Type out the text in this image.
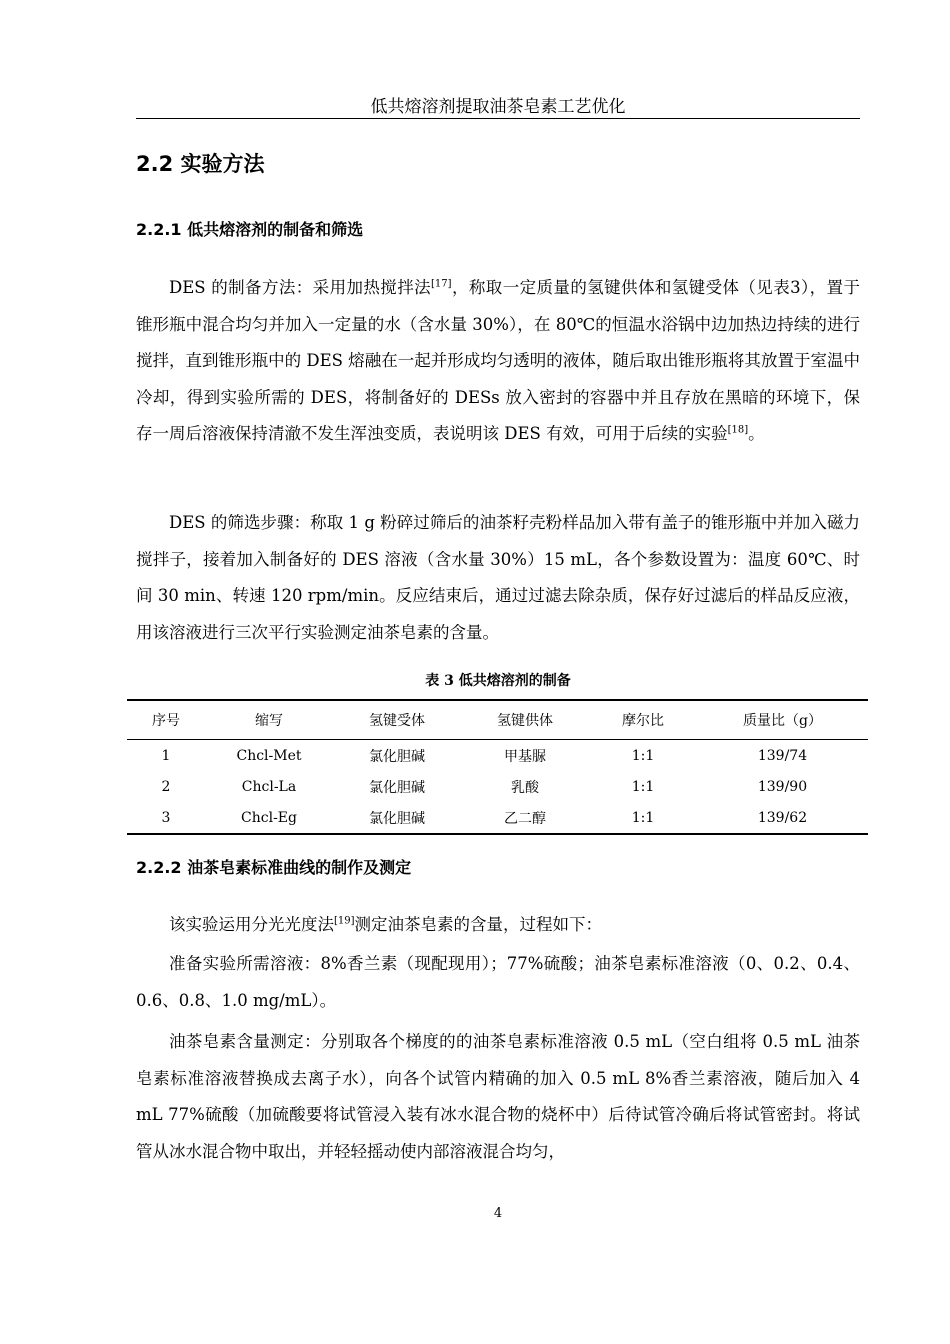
低共熔溶剂提取油茶皂素工艺优化
2.2 实验方法
2.2.1 低共熔溶剂的制备和筛选

DES 的制备方法：采用加热搅拌法[17]，称取一定质量的氢键供体和氢键受体（见表3），置于锥形瓶中混合均匀并加入一定量的水（含水量 30%），在 80℃的恒温水浴锅中边加热边持续的进行搅拌，直到锥形瓶中的 DES 熔融在一起并形成均匀透明的液体，随后取出锥形瓶将其放置于室温中冷却，得到实验所需的 DES，将制备好的 DESs 放入密封的容器中并且存放在黑暗的环境下，保存一周后溶液保持清澈不发生浑浊变质，表说明该 DES 有效，可用于后续的实验[18]。

DES 的筛选步骤：称取 1 g 粉碎过筛后的油茶籽壳粉样品加入带有盖子的锥形瓶中并加入磁力搅拌子，接着加入制备好的 DES 溶液（含水量 30%）15 mL，各个参数设置为：温度 60℃、时间 30 min、转速 120 rpm/min。反应结束后，通过过滤去除杂质，保存好过滤后的样品反应液，用该溶液进行三次平行实验测定油茶皂素的含量。

表 3 低共熔溶剂的制备
序号	缩写	氢键受体	氢键供体	摩尔比	质量比（g）
1	Chcl-Met	氯化胆碱	甲基脲	1:1	139/74
2	Chcl-La	氯化胆碱	乳酸	1:1	139/90
3	Chcl-Eg	氯化胆碱	乙二醇	1:1	139/62
2.2.2 油茶皂素标准曲线的制作及测定

该实验运用分光光度法[19]测定油茶皂素的含量，过程如下：

准备实验所需溶液：8%香兰素（现配现用）；77%硫酸；油茶皂素标准溶液（0、0.2、0.4、0.6、0.8、1.0 mg/mL）。

油茶皂素含量测定：分别取各个梯度的的油茶皂素标准溶液 0.5 mL（空白组将 0.5 mL 油茶皂素标准溶液替换成去离子水），向各个试管内精确的加入 0.5 mL 8%香兰素溶液，随后加入 4 mL 77%硫酸（加硫酸要将试管浸入装有冰水混合物的烧杯中）后待试管冷确后将试管密封。将试管从冰水混合物中取出，并轻轻摇动使内部溶液混合均匀，

4
